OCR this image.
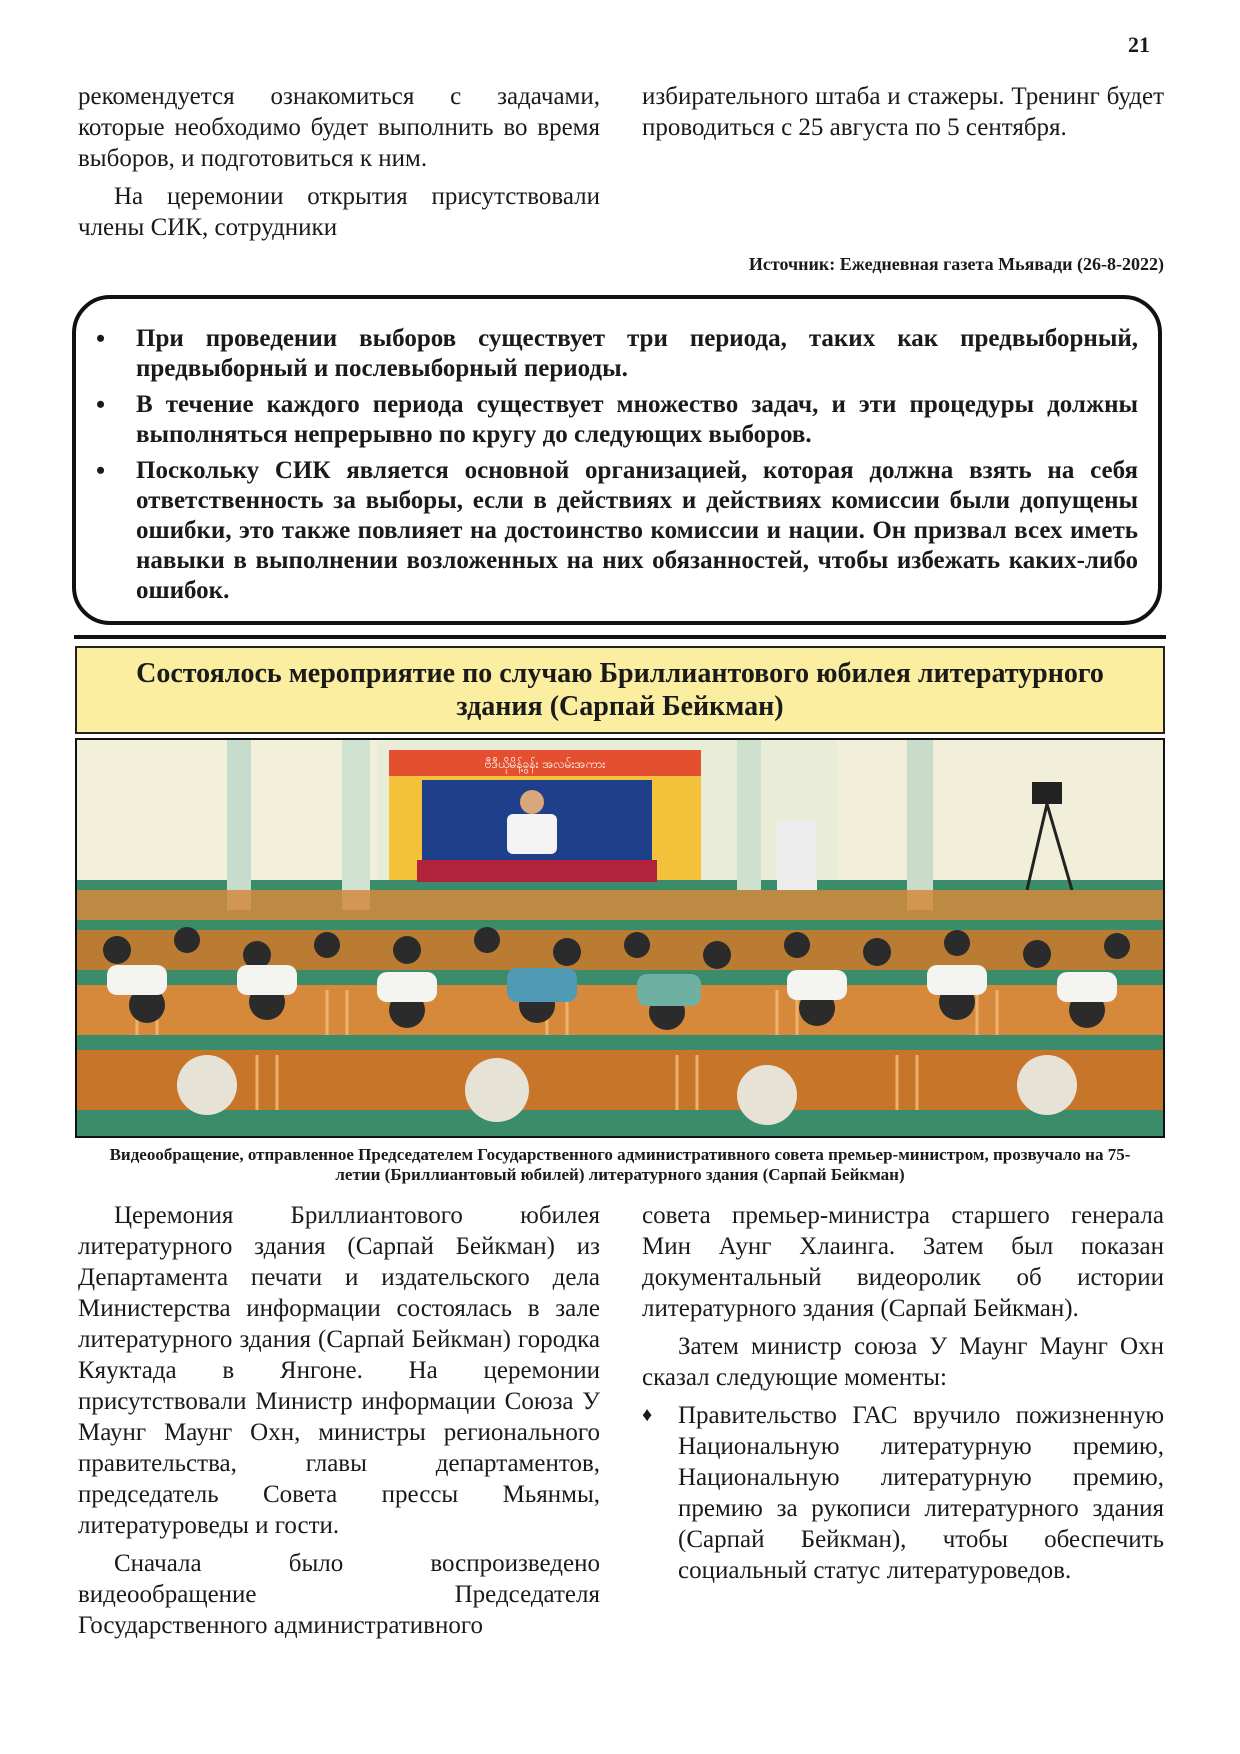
21

рекомендуется ознакомиться с задачами, которые необходимо будет выполнить во время выборов, и подготовиться к ним.

На церемонии открытия присутствовали члены СИК, сотрудники

избирательного штаба и стажеры. Тренинг будет проводиться с 25 августа по 5 сентября.

Источник: Ежедневная газета Мьявади (26-8-2022)
• При проведении выборов существует три периода, таких как предвыборный, предвыборный и послевыборный периоды.
• В течение каждого периода существует множество задач, и эти процедуры должны выполняться непрерывно по кругу до следующих выборов.
• Поскольку СИК является основной организацией, которая должна взять на себя ответственность за выборы, если в действиях и действиях комиссии были допущены ошибки, это также повлияет на достоинство комиссии и нации. Он призвал всех иметь навыки в выполнении возложенных на них обязанностей, чтобы избежать каких-либо ошибок.
Состоялось мероприятие по случаю Бриллиантового юбилея литературного здания (Сарпай Бейкман)
ဗီဒီယိုမိန့်ခွန်း အလမ်းအကား
Видеообращение, отправленное Председателем Государственного административного совета премьер-министром, прозвучало на 75-летии (Бриллиантовый юбилей) литературного здания (Сарпай Бейкман)

Церемония Бриллиантового юбилея литературного здания (Сарпай Бейкман) из Департамента печати и издательского дела Министерства информации состоялась в зале литературного здания (Сарпай Бейкман) городка Кяуктада в Янгоне. На церемонии присутствовали Министр информации Союза У Маунг Маунг Охн, министры регионального правительства, главы департаментов, председатель Совета прессы Мьянмы, литературоведы и гости.

Сначала было воспроизведено видеообращение Председателя Государственного административного

совета премьер-министра старшего генерала Мин Аунг Хлаинга. Затем был показан документальный видеоролик об истории литературного здания (Сарпай Бейкман).

Затем министр союза У Маунг Маунг Охн сказал следующие моменты:

♦ Правительство ГАС вручило пожизненную Национальную литературную премию, Национальную литературную премию, премию за рукописи литературного здания (Сарпай Бейкман), чтобы обеспечить социальный статус литературоведов.
